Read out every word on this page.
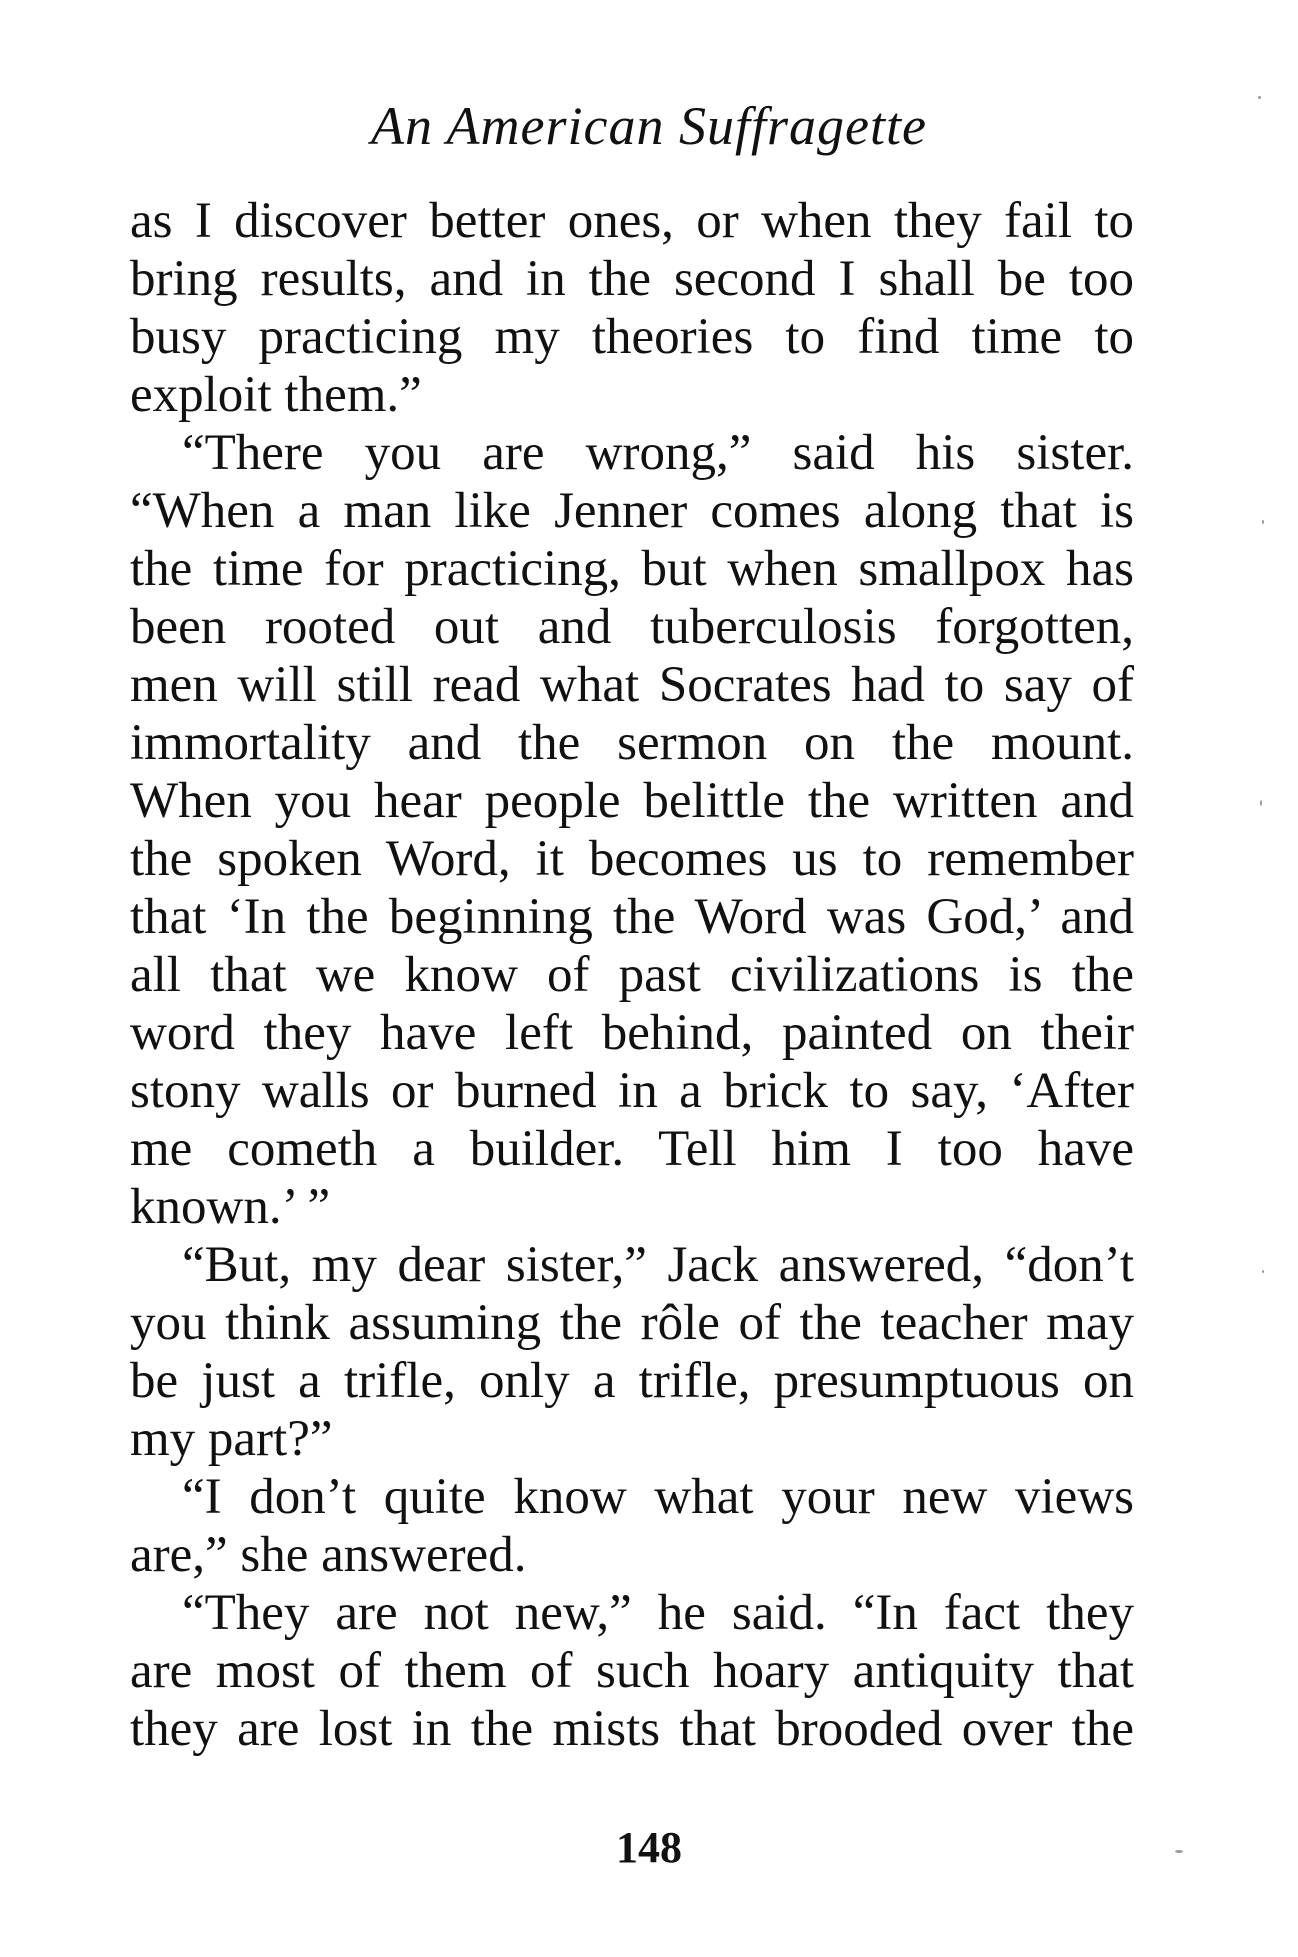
An American Suffragette

as I discover better ones, or when they fail to
bring results, and in the second I shall be too
busy practicing my theories to find time to
exploit them.”

“There you are wrong,” said his sister.
“When a man like Jenner comes along that is
the time for practicing, but when smallpox has
been rooted out and tuberculosis forgotten,
men will still read what Socrates had to say of
immortality and the sermon on the mount.
When you hear people belittle the written and
the spoken Word, it becomes us to remember
that ‘In the beginning the Word was God,’ and
all that we know of past civilizations is the
word they have left behind, painted on their
stony walls or burned in a brick to say, ‘After
me cometh a builder. Tell him I too have
known.’ ”

“But, my dear sister,” Jack answered, “don’t
you think assuming the rôle of the teacher may
be just a trifle, only a trifle, presumptuous on
my part?”

“I don’t quite know what your new views
are,” she answered.

“They are not new,” he said. “In fact they
are most of them of such hoary antiquity that
they are lost in the mists that brooded over the

148
